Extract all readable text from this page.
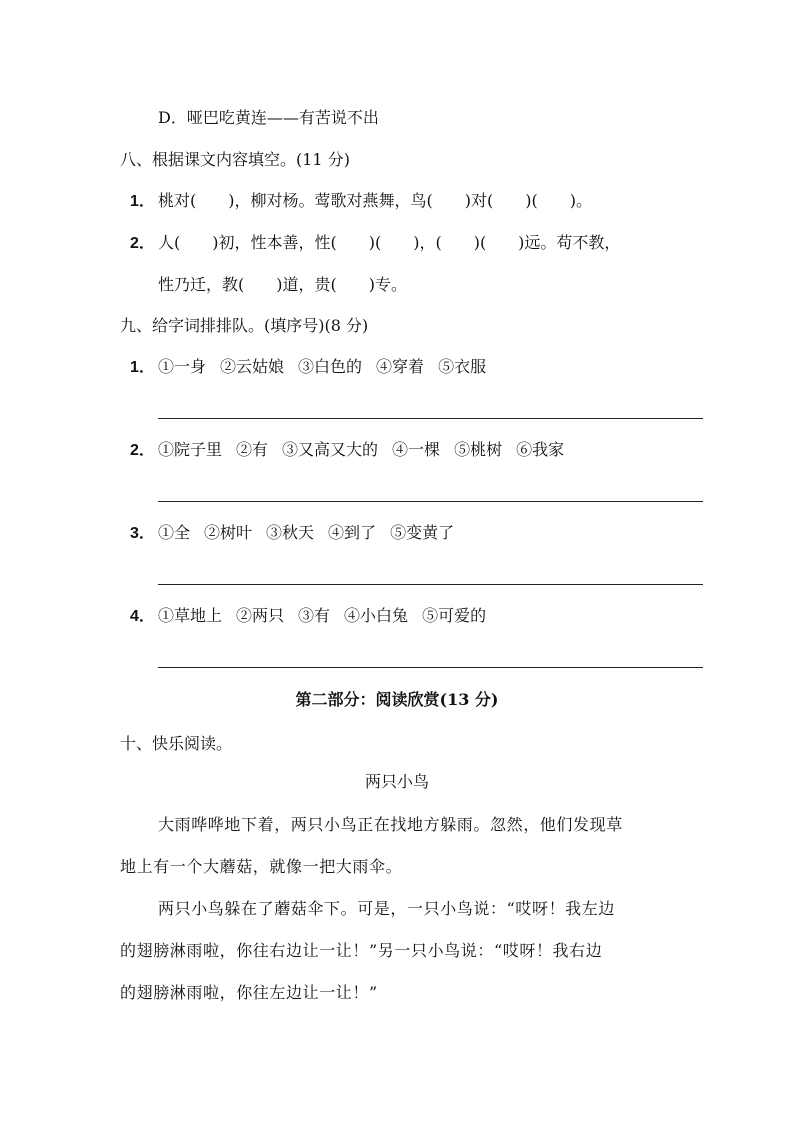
D．哑巴吃黄连——有苦说不出
八、根据课文内容填空。(11 分)
1． 桃对(　　)，柳对杨。莺歌对燕舞，鸟(　　)对(　　)(　　)。
2． 人(　　)初，性本善，性(　　)(　　)，(　　)(　　)远。苟不教，
性乃迁，教(　　)道，贵(　　)专。
九、给字词排排队。(填序号)(8 分)
1． ①一身 ②云姑娘 ③白色的 ④穿着 ⑤衣服
2． ①院子里 ②有 ③又高又大的 ④一棵 ⑤桃树 ⑥我家
3． ①全 ②树叶 ③秋天 ④到了 ⑤变黄了
4． ①草地上 ②两只 ③有 ④小白兔 ⑤可爱的
第二部分：阅读欣赏(13 分)
十、快乐阅读。
两只小鸟
大雨哗哗地下着，两只小鸟正在找地方躲雨。忽然，他们发现草
地上有一个大蘑菇，就像一把大雨伞。
两只小鸟躲在了蘑菇伞下。可是，一只小鸟说：“哎呀！我左边
的翅膀淋雨啦，你往右边让一让！”另一只小鸟说：“哎呀！我右边
的翅膀淋雨啦，你往左边让一让！”
